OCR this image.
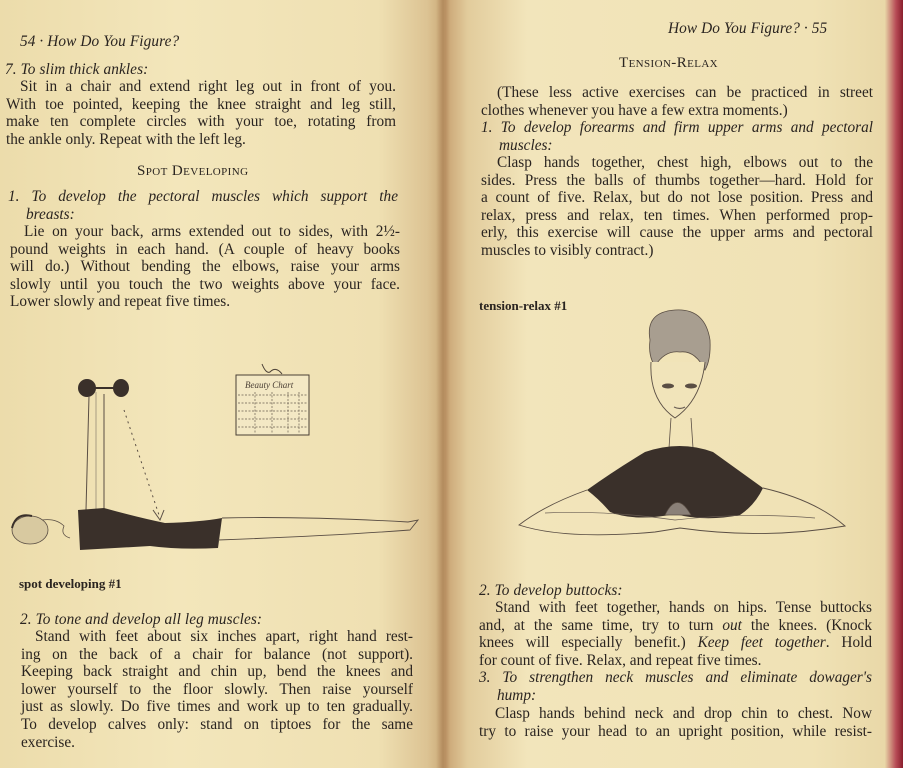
54 · How Do You Figure?
7. To slim thick ankles:
Sit in a chair and extend right leg out in front of you.
With toe pointed, keeping the knee straight and leg still,
make ten complete circles with your toe, rotating from
the ankle only. Repeat with the left leg.
Spot Developing
1. To develop the pectoral muscles which support the
breasts:
Lie on your back, arms extended out to sides, with 2½-
pound weights in each hand. (A couple of heavy books
will do.) Without bending the elbows, raise your arms
slowly until you touch the two weights above your face.
Lower slowly and repeat five times.
Beauty Chart
spot developing #1
2. To tone and develop all leg muscles:
Stand with feet about six inches apart, right hand rest-
ing on the back of a chair for balance (not support).
Keeping back straight and chin up, bend the knees and
lower yourself to the floor slowly. Then raise yourself
just as slowly. Do five times and work up to ten gradually.
To develop calves only: stand on tiptoes for the same
exercise.
How Do You Figure? · 55
Tension-Relax
(These less active exercises can be practiced in street
clothes whenever you have a few extra moments.)
1. To develop forearms and firm upper arms and pectoral
muscles:
Clasp hands together, chest high, elbows out to the
sides. Press the balls of thumbs together—hard. Hold for
a count of five. Relax, but do not lose position. Press and
relax, press and relax, ten times. When performed prop-
erly, this exercise will cause the upper arms and pectoral
muscles to visibly contract.)
tension-relax #1
2. To develop buttocks:
Stand with feet together, hands on hips. Tense buttocks
and, at the same time, try to turn out the knees. (Knock
knees will especially benefit.) Keep feet together. Hold
for count of five. Relax, and repeat five times.
3. To strengthen neck muscles and eliminate dowager's
hump:
Clasp hands behind neck and drop chin to chest. Now
try to raise your head to an upright position, while resist-
